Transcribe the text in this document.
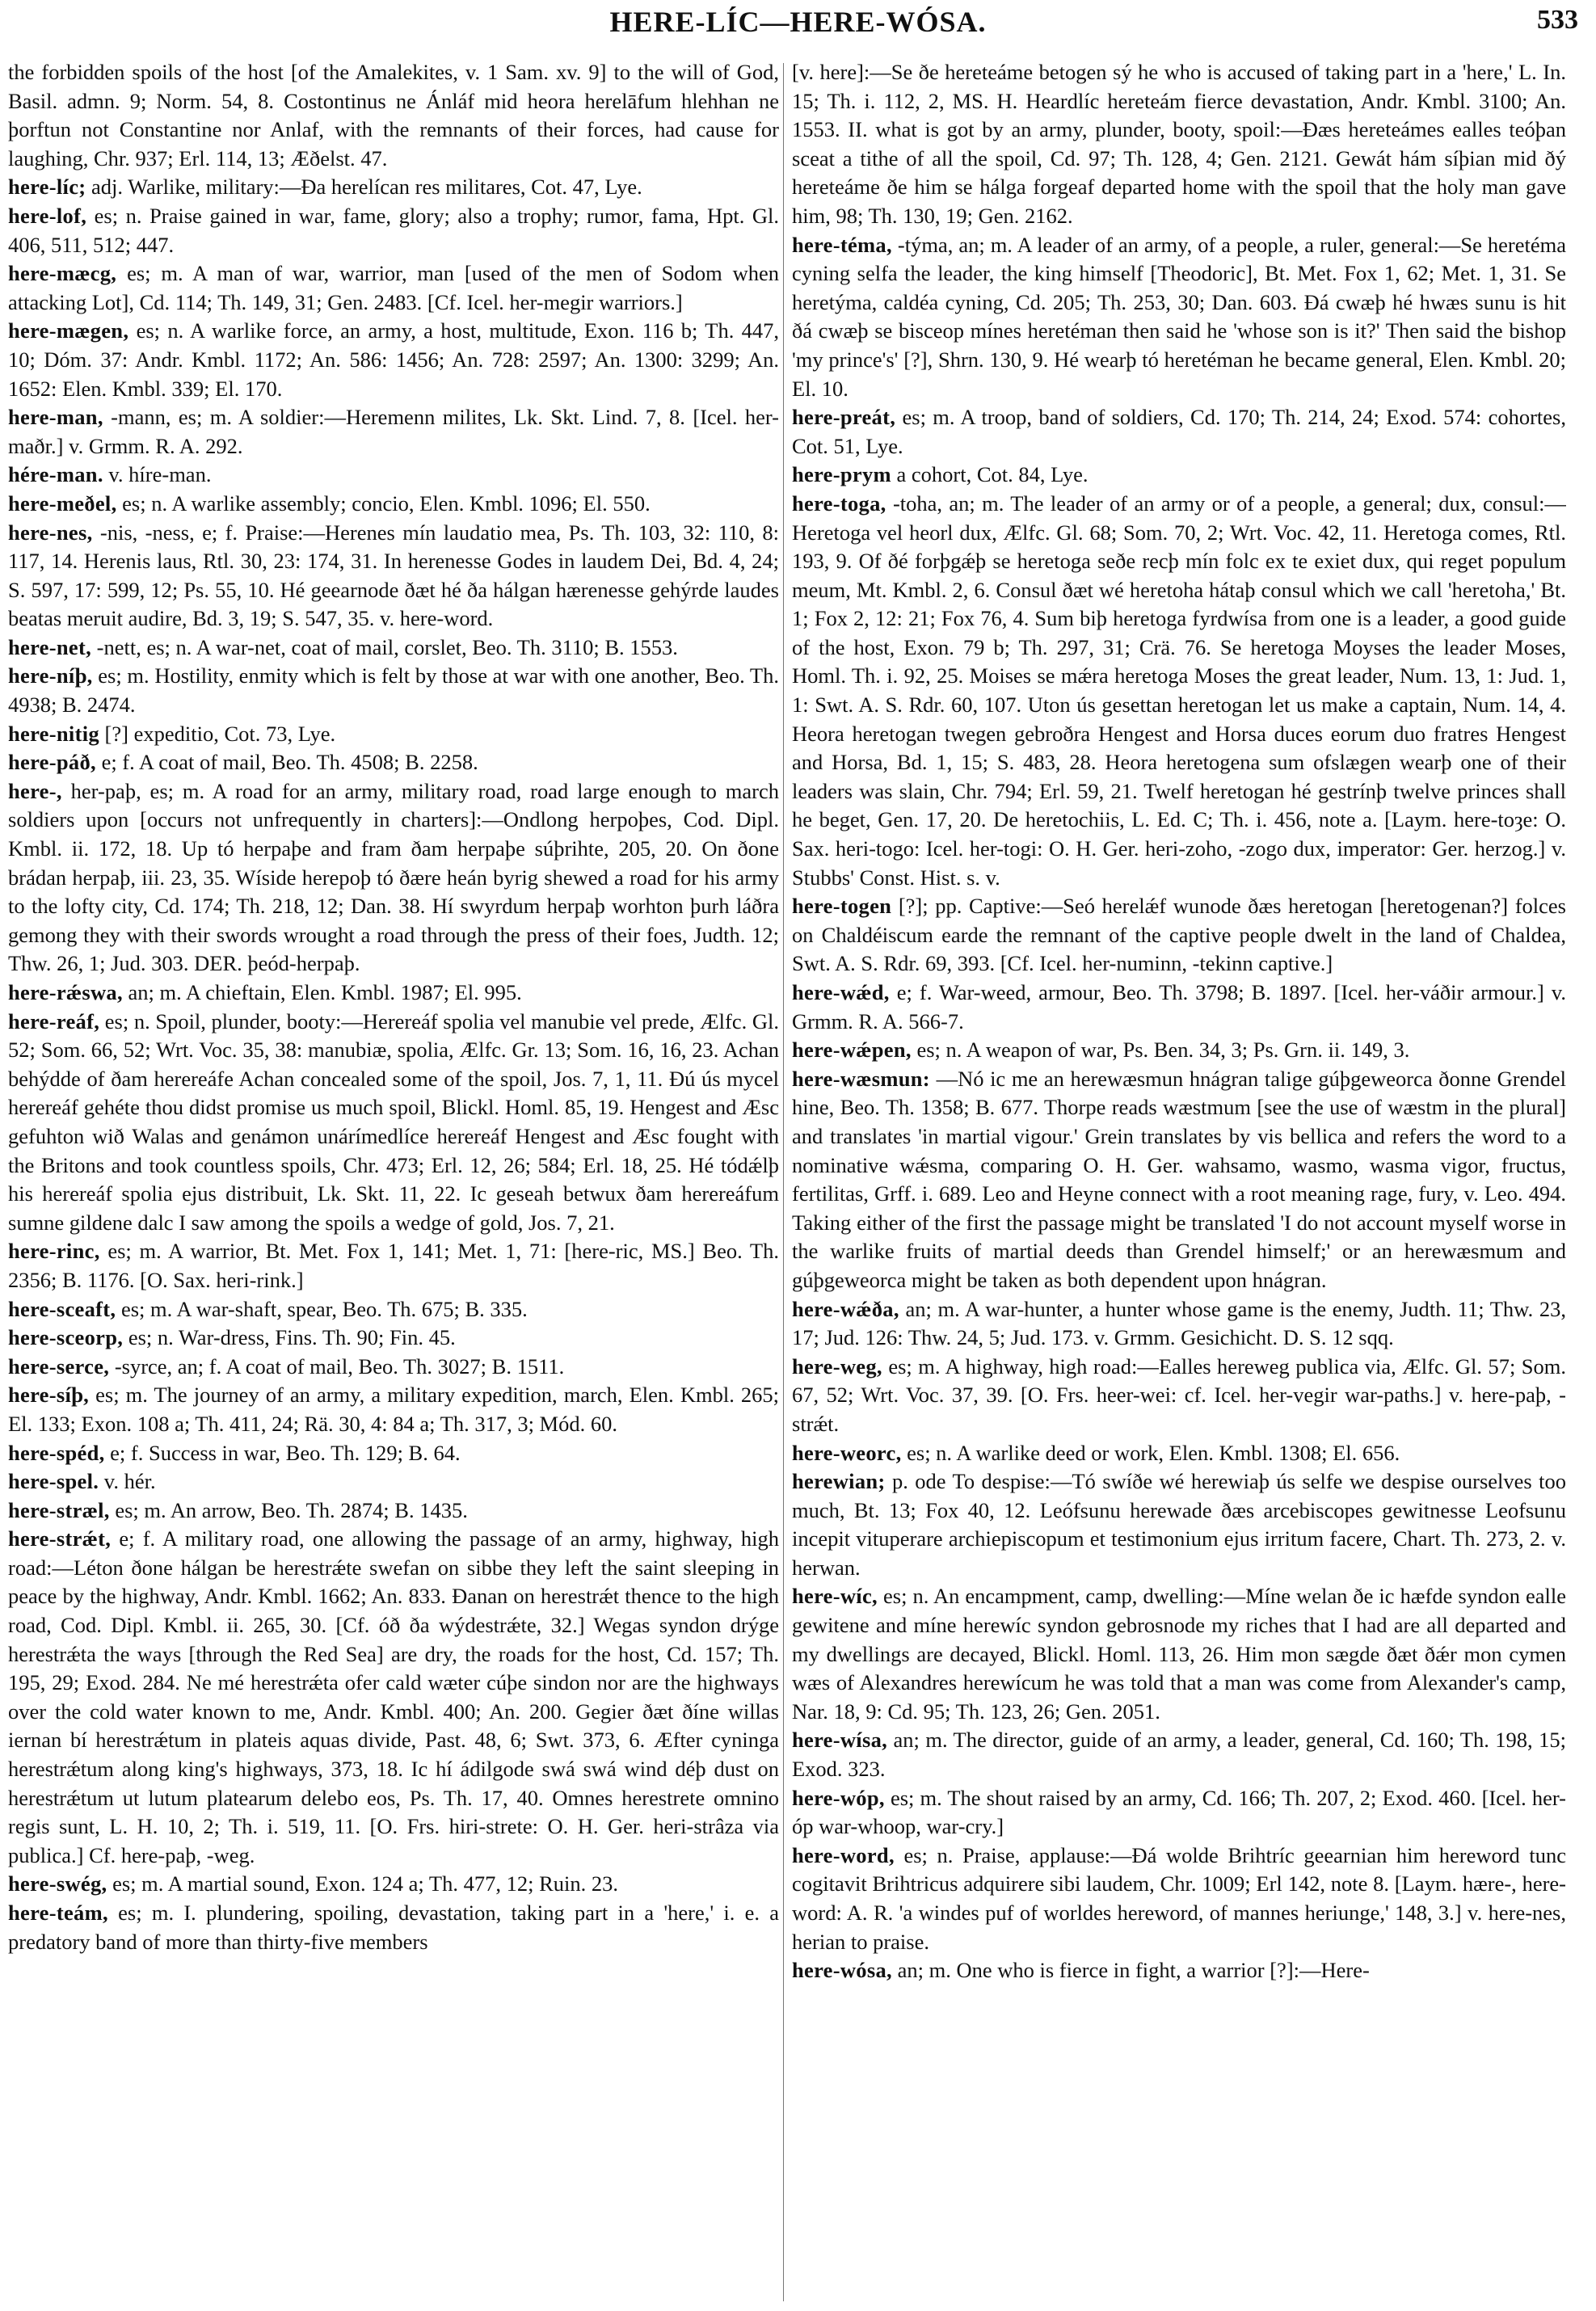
HERE-LÍC—HERE-WÓSA.	533

the forbidden spoils of the host [of the Amalekites, v. 1 Sam. xv. 9] to the will of God, Basil. admn. 9; Norm. 54, 8. Costontinus ne Ánláf mid heora herelāfum hlehhan ne þorftun not Constantine nor Anlaf, with the remnants of their forces, had cause for laughing, Chr. 937; Erl. 114, 13; Æðelst. 47.

here-líc; adj. Warlike, military:—Ða herelícan res militares, Cot. 47, Lye.

here-lof, es; n. Praise gained in war, fame, glory; also a trophy; rumor, fama, Hpt. Gl. 406, 511, 512; 447.

here-mæcg, es; m. A man of war, warrior, man [used of the men of Sodom when attacking Lot], Cd. 114; Th. 149, 31; Gen. 2483. [Cf. Icel. her-megir warriors.]

here-mægen, es; n. A warlike force, an army, a host, multitude, Exon. 116 b; Th. 447, 10; Dóm. 37: Andr. Kmbl. 1172; An. 586: 1456; An. 728: 2597; An. 1300: 3299; An. 1652: Elen. Kmbl. 339; El. 170.

here-man, -mann, es; m. A soldier:—Heremenn milites, Lk. Skt. Lind. 7, 8. [Icel. her-maðr.] v. Grmm. R. A. 292.

hére-man. v. híre-man.

here-meðel, es; n. A warlike assembly; concio, Elen. Kmbl. 1096; El. 550.

here-nes, -nis, -ness, e; f. Praise:—Herenes mín laudatio mea, Ps. Th. 103, 32: 110, 8: 117, 14. Herenis laus, Rtl. 30, 23: 174, 31. In herenesse Godes in laudem Dei, Bd. 4, 24; S. 597, 17: 599, 12; Ps. 55, 10. Hé geearnode ðæt hé ða hálgan hærenesse gehýrde laudes beatas meruit audire, Bd. 3, 19; S. 547, 35. v. here-word.

here-net, -nett, es; n. A war-net, coat of mail, corslet, Beo. Th. 3110; B. 1553.

here-níþ, es; m. Hostility, enmity which is felt by those at war with one another, Beo. Th. 4938; B. 2474.

here-nitig [?] expeditio, Cot. 73, Lye.

here-páð, e; f. A coat of mail, Beo. Th. 4508; B. 2258.

here-, her-paþ, es; m. A road for an army, military road, road large enough to march soldiers upon [occurs not unfrequently in charters]:—Ondlong herpoþes, Cod. Dipl. Kmbl. ii. 172, 18. Up tó herpaþe and fram ðam herpaþe súþrihte, 205, 20. On ðone brádan herpaþ, iii. 23, 35. Wíside herepoþ tó ðære heán byrig shewed a road for his army to the lofty city, Cd. 174; Th. 218, 12; Dan. 38. Hí swyrdum herpaþ worhton þurh láðra gemong they with their swords wrought a road through the press of their foes, Judth. 12; Thw. 26, 1; Jud. 303. DER. þeód-herpaþ.

here-rǽswa, an; m. A chieftain, Elen. Kmbl. 1987; El. 995.

here-reáf, es; n. Spoil, plunder, booty:—Herereáf spolia vel manubie vel prede, Ælfc. Gl. 52; Som. 66, 52; Wrt. Voc. 35, 38: manubiæ, spolia, Ælfc. Gr. 13; Som. 16, 16, 23. Achan behýdde of ðam herereáfe Achan concealed some of the spoil, Jos. 7, 1, 11. Ðú ús mycel herereáf gehéte thou didst promise us much spoil, Blickl. Homl. 85, 19. Hengest and Æsc gefuhton wið Walas and genámon unárímedlíce herereáf Hengest and Æsc fought with the Britons and took countless spoils, Chr. 473; Erl. 12, 26; 584; Erl. 18, 25. Hé tódǽlþ his herereáf spolia ejus distribuit, Lk. Skt. 11, 22. Ic geseah betwux ðam herereáfum sumne gildene dalc I saw among the spoils a wedge of gold, Jos. 7, 21.

here-rinc, es; m. A warrior, Bt. Met. Fox 1, 141; Met. 1, 71: [here-ric, MS.] Beo. Th. 2356; B. 1176. [O. Sax. heri-rink.]

here-sceaft, es; m. A war-shaft, spear, Beo. Th. 675; B. 335.

here-sceorp, es; n. War-dress, Fins. Th. 90; Fin. 45.

here-serce, -syrce, an; f. A coat of mail, Beo. Th. 3027; B. 1511.

here-síþ, es; m. The journey of an army, a military expedition, march, Elen. Kmbl. 265; El. 133; Exon. 108 a; Th. 411, 24; Rä. 30, 4: 84 a; Th. 317, 3; Mód. 60.

here-spéd, e; f. Success in war, Beo. Th. 129; B. 64.

here-spel. v. hér.

here-stræl, es; m. An arrow, Beo. Th. 2874; B. 1435.

here-strǽt, e; f. A military road, one allowing the passage of an army, highway, high road:—Léton ðone hálgan be herestrǽte swefan on sibbe they left the saint sleeping in peace by the highway, Andr. Kmbl. 1662; An. 833. Ðanan on herestrǽt thence to the high road, Cod. Dipl. Kmbl. ii. 265, 30. [Cf. óð ða wýdestrǽte, 32.] Wegas syndon drýge herestrǽta the ways [through the Red Sea] are dry, the roads for the host, Cd. 157; Th. 195, 29; Exod. 284. Ne mé herestrǽta ofer cald wæter cúþe sindon nor are the highways over the cold water known to me, Andr. Kmbl. 400; An. 200. Gegier ðæt ðíne willas iernan bí herestrǽtum in plateis aquas divide, Past. 48, 6; Swt. 373, 6. Æfter cyninga herestrǽtum along king's highways, 373, 18. Ic hí ádilgode swá swá wind déþ dust on herestrǽtum ut lutum platearum delebo eos, Ps. Th. 17, 40. Omnes herestrete omnino regis sunt, L. H. 10, 2; Th. i. 519, 11. [O. Frs. hiri-strete: O. H. Ger. heri-strâza via publica.] Cf. here-paþ, -weg.

here-swég, es; m. A martial sound, Exon. 124 a; Th. 477, 12; Ruin. 23.

here-teám, es; m. I. plundering, spoiling, devastation, taking part in a 'here,' i. e. a predatory band of more than thirty-five members

[v. here]:—Se ðe hereteáme betogen sý he who is accused of taking part in a 'here,' L. In. 15; Th. i. 112, 2, MS. H. Heardlíc hereteám fierce devastation, Andr. Kmbl. 3100; An. 1553. II. what is got by an army, plunder, booty, spoil:—Ðæs hereteámes ealles teóþan sceat a tithe of all the spoil, Cd. 97; Th. 128, 4; Gen. 2121. Gewát hám síþian mid ðý hereteáme ðe him se hálga forgeaf departed home with the spoil that the holy man gave him, 98; Th. 130, 19; Gen. 2162.

here-téma, -týma, an; m. A leader of an army, of a people, a ruler, general:—Se heretéma cyning selfa the leader, the king himself [Theodoric], Bt. Met. Fox 1, 62; Met. 1, 31. Se heretýma, caldéa cyning, Cd. 205; Th. 253, 30; Dan. 603. Ðá cwæþ hé hwæs sunu is hit ðá cwæþ se bisceop mínes heretéman then said he 'whose son is it?' Then said the bishop 'my prince's' [?], Shrn. 130, 9. Hé wearþ tó heretéman he became general, Elen. Kmbl. 20; El. 10.

here-preát, es; m. A troop, band of soldiers, Cd. 170; Th. 214, 24; Exod. 574: cohortes, Cot. 51, Lye.

here-prym a cohort, Cot. 84, Lye.

here-toga, -toha, an; m. The leader of an army or of a people, a general; dux, consul:—Heretoga vel heorl dux, Ælfc. Gl. 68; Som. 70, 2; Wrt. Voc. 42, 11. Heretoga comes, Rtl. 193, 9. Of ðé forþgǽþ se heretoga seðe recþ mín folc ex te exiet dux, qui reget populum meum, Mt. Kmbl. 2, 6. Consul ðæt wé heretoha hátaþ consul which we call 'heretoha,' Bt. 1; Fox 2, 12: 21; Fox 76, 4. Sum biþ heretoga fyrdwísa from one is a leader, a good guide of the host, Exon. 79 b; Th. 297, 31; Crä. 76. Se heretoga Moyses the leader Moses, Homl. Th. i. 92, 25. Moises se mǽra heretoga Moses the great leader, Num. 13, 1: Jud. 1, 1: Swt. A. S. Rdr. 60, 107. Uton ús gesettan heretogan let us make a captain, Num. 14, 4. Heora heretogan twegen gebroðra Hengest and Horsa duces eorum duo fratres Hengest and Horsa, Bd. 1, 15; S. 483, 28. Heora heretogena sum ofslægen wearþ one of their leaders was slain, Chr. 794; Erl. 59, 21. Twelf heretogan hé gestrínþ twelve princes shall he beget, Gen. 17, 20. De heretochiis, L. Ed. C; Th. i. 456, note a. [Laym. here-toȝe: O. Sax. heri-togo: Icel. her-togi: O. H. Ger. heri-zoho, -zogo dux, imperator: Ger. herzog.] v. Stubbs' Const. Hist. s. v.

here-togen [?]; pp. Captive:—Seó herelǽf wunode ðæs heretogan [heretogenan?] folces on Chaldéiscum earde the remnant of the captive people dwelt in the land of Chaldea, Swt. A. S. Rdr. 69, 393. [Cf. Icel. her-numinn, -tekinn captive.]

here-wǽd, e; f. War-weed, armour, Beo. Th. 3798; B. 1897. [Icel. her-váðir armour.] v. Grmm. R. A. 566-7.

here-wǽpen, es; n. A weapon of war, Ps. Ben. 34, 3; Ps. Grn. ii. 149, 3.

here-wæsmun: —Nó ic me an herewæsmun hnágran talige gúþgeweorca ðonne Grendel hine, Beo. Th. 1358; B. 677. Thorpe reads wæstmum [see the use of wæstm in the plural] and translates 'in martial vigour.' Grein translates by vis bellica and refers the word to a nominative wǽsma, comparing O. H. Ger. wahsamo, wasmo, wasma vigor, fructus, fertilitas, Grff. i. 689. Leo and Heyne connect with a root meaning rage, fury, v. Leo. 494. Taking either of the first the passage might be translated 'I do not account myself worse in the warlike fruits of martial deeds than Grendel himself;' or an herewæsmum and gúþgeweorca might be taken as both dependent upon hnágran.

here-wǽða, an; m. A war-hunter, a hunter whose game is the enemy, Judth. 11; Thw. 23, 17; Jud. 126: Thw. 24, 5; Jud. 173. v. Grmm. Gesichicht. D. S. 12 sqq.

here-weg, es; m. A highway, high road:—Ealles hereweg publica via, Ælfc. Gl. 57; Som. 67, 52; Wrt. Voc. 37, 39. [O. Frs. heer-wei: cf. Icel. her-vegir war-paths.] v. here-paþ, -strǽt.

here-weorc, es; n. A warlike deed or work, Elen. Kmbl. 1308; El. 656.

herewian; p. ode To despise:—Tó swíðe wé herewiaþ ús selfe we despise ourselves too much, Bt. 13; Fox 40, 12. Leófsunu herewade ðæs arcebiscopes gewitnesse Leofsunu incepit vituperare archiepiscopum et testimonium ejus irritum facere, Chart. Th. 273, 2. v. herwan.

here-wíc, es; n. An encampment, camp, dwelling:—Míne welan ðe ic hæfde syndon ealle gewitene and míne herewíc syndon gebrosnode my riches that I had are all departed and my dwellings are decayed, Blickl. Homl. 113, 26. Him mon sægde ðæt ðǽr mon cymen wæs of Alexandres herewícum he was told that a man was come from Alexander's camp, Nar. 18, 9: Cd. 95; Th. 123, 26; Gen. 2051.

here-wísa, an; m. The director, guide of an army, a leader, general, Cd. 160; Th. 198, 15; Exod. 323.

here-wóp, es; m. The shout raised by an army, Cd. 166; Th. 207, 2; Exod. 460. [Icel. her-óp war-whoop, war-cry.]

here-word, es; n. Praise, applause:—Ðá wolde Brihtríc geearnian him hereword tunc cogitavit Brihtricus adquirere sibi laudem, Chr. 1009; Erl 142, note 8. [Laym. hære-, here-word: A. R. 'a windes puf of worldes hereword, of mannes heriunge,' 148, 3.] v. here-nes, herian to praise.

here-wósa, an; m. One who is fierce in fight, a warrior [?]:—Here-
